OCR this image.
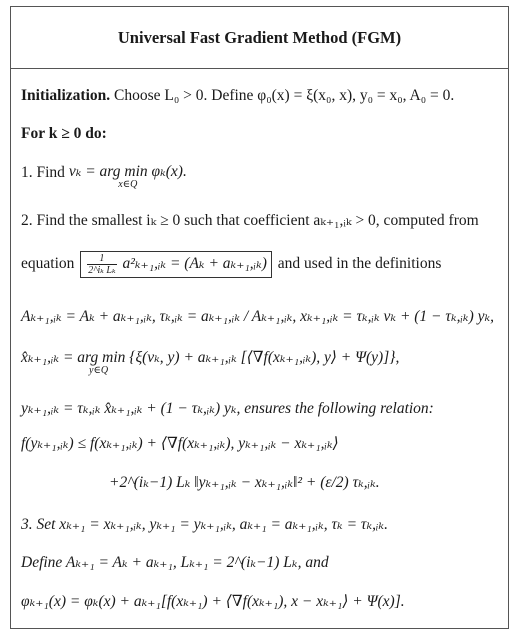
Universal Fast Gradient Method (FGM)
Initialization. Choose L₀ > 0. Define φ₀(x) = ξ(x₀, x), y₀ = x₀, A₀ = 0.
For k ≥ 0 do:
1. Find vₖ = arg min φₖ(x).
x∈Q
2. Find the smallest iₖ ≥ 0 such that coefficient aₖ₊₁,ᵢₖ > 0, computed from
equation $\frac{1}{\text{2\textasciicircum{}iₖ Lₖ}}$ a²ₖ₊₁,ᵢₖ = (Aₖ + aₖ₊₁,ᵢₖ) and used in the definitions
Aₖ₊₁,ᵢₖ = Aₖ + aₖ₊₁,ᵢₖ, τₖ,ᵢₖ = aₖ₊₁,ᵢₖ / Aₖ₊₁,ᵢₖ, xₖ₊₁,ᵢₖ = τₖ,ᵢₖ vₖ + (1 − τₖ,ᵢₖ) yₖ,
x̂ₖ₊₁,ᵢₖ = arg min {ξ(vₖ, y) + aₖ₊₁,ᵢₖ [⟨∇f(xₖ₊₁,ᵢₖ), y⟩ + Ψ(y)]},
y∈Q
yₖ₊₁,ᵢₖ = τₖ,ᵢₖ x̂ₖ₊₁,ᵢₖ + (1 − τₖ,ᵢₖ) yₖ, ensures the following relation:
f(yₖ₊₁,ᵢₖ) ≤ f(xₖ₊₁,ᵢₖ) + ⟨∇f(xₖ₊₁,ᵢₖ), yₖ₊₁,ᵢₖ − xₖ₊₁,ᵢₖ⟩
+2^(iₖ−1) Lₖ ‖yₖ₊₁,ᵢₖ − xₖ₊₁,ᵢₖ‖² + (ε/2) τₖ,ᵢₖ.
3. Set xₖ₊₁ = xₖ₊₁,ᵢₖ, yₖ₊₁ = yₖ₊₁,ᵢₖ, aₖ₊₁ = aₖ₊₁,ᵢₖ, τₖ = τₖ,ᵢₖ.
Define Aₖ₊₁ = Aₖ + aₖ₊₁, Lₖ₊₁ = 2^(iₖ−1) Lₖ, and
φₖ₊₁(x) = φₖ(x) + aₖ₊₁[f(xₖ₊₁) + ⟨∇f(xₖ₊₁), x − xₖ₊₁⟩ + Ψ(x)].
